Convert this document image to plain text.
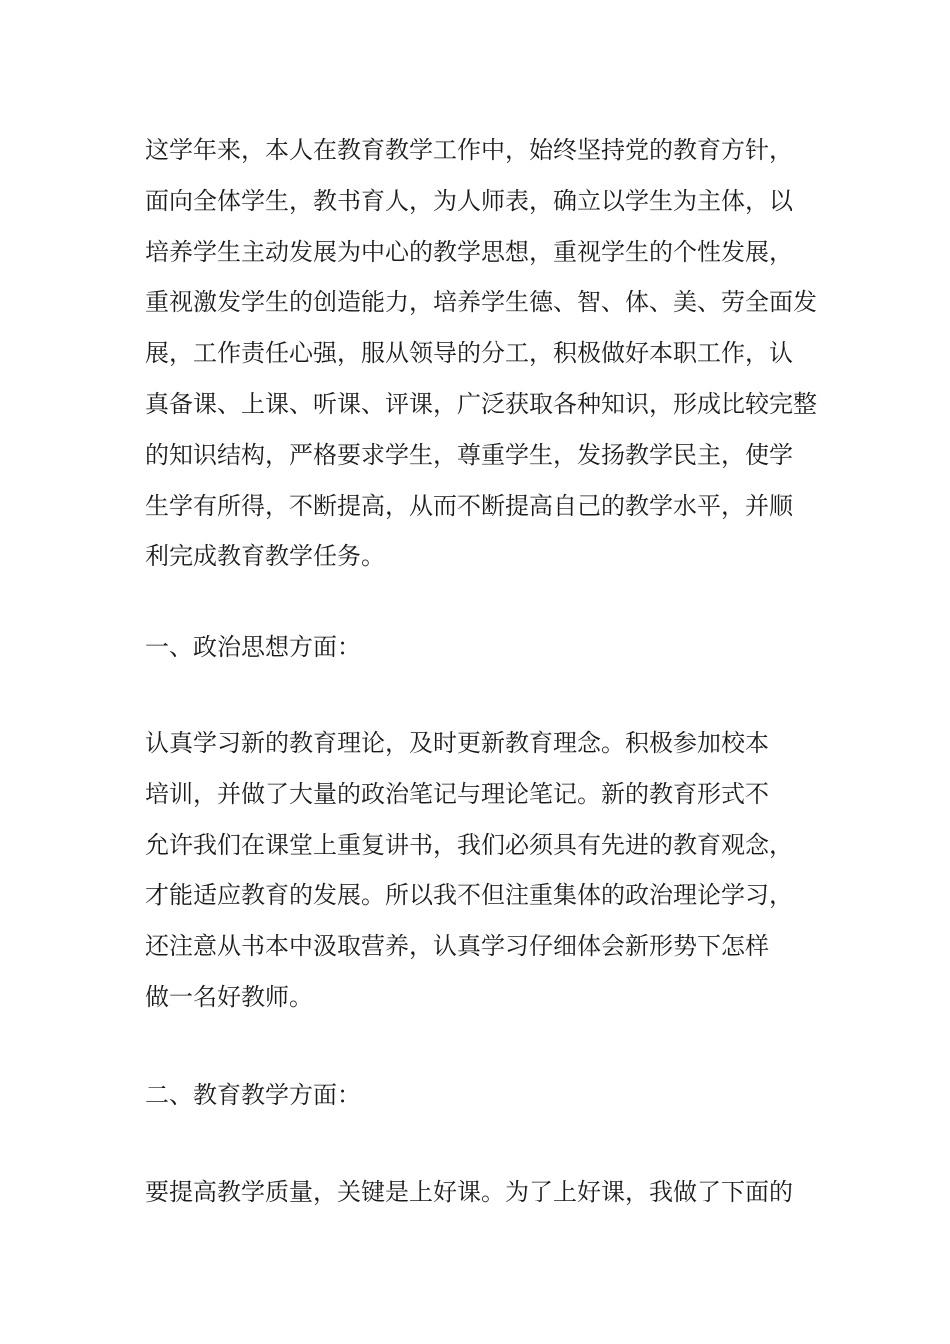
这学年来，本人在教育教学工作中，始终坚持党的教育方针，
面向全体学生，教书育人，为人师表，确立以学生为主体，以
培养学生主动发展为中心的教学思想，重视学生的个性发展，
重视激发学生的创造能力，培养学生德、智、体、美、劳全面发
展，工作责任心强，服从领导的分工，积极做好本职工作，认
真备课、上课、听课、评课，广泛获取各种知识，形成比较完整
的知识结构，严格要求学生，尊重学生，发扬教学民主，使学
生学有所得，不断提高，从而不断提高自己的教学水平，并顺
利完成教育教学任务。
一、政治思想方面：
认真学习新的教育理论，及时更新教育理念。积极参加校本
培训，并做了大量的政治笔记与理论笔记。新的教育形式不
允许我们在课堂上重复讲书，我们必须具有先进的教育观念，
才能适应教育的发展。所以我不但注重集体的政治理论学习，
还注意从书本中汲取营养，认真学习仔细体会新形势下怎样
做一名好教师。
二、教育教学方面：
要提高教学质量，关键是上好课。为了上好课，我做了下面的
